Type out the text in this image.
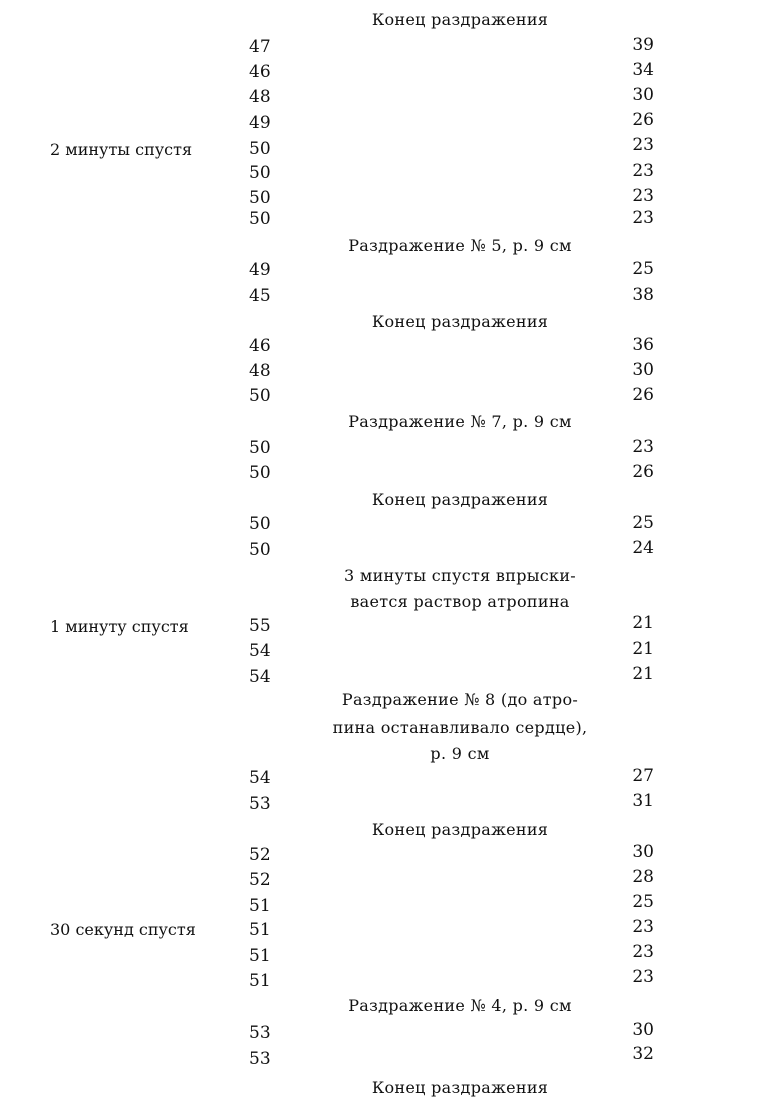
Конец раздражения
Раздражение № 5, р. 9 см
Конец раздражения
Раздражение № 7, р. 9 см
Конец раздражения
3 минуты спустя впрыски-
вается раствор атропина
Раздражение № 8 (до атро-
пина останавливало сердце),
р. 9 см
Конец раздражения
Раздражение № 4, р. 9 см
Конец раздражения
2 минуты спустя
1 минуту спустя
30 секунд спустя
47
46
48
49
50
50
50
50
49
45
46
48
50
50
50
50
50
55
54
54
54
53
52
52
51
51
51
51
53
53
39
34
30
26
23
23
23
23
25
38
36
30
26
23
26
25
24
21
21
21
27
31
30
28
25
23
23
23
30
32
